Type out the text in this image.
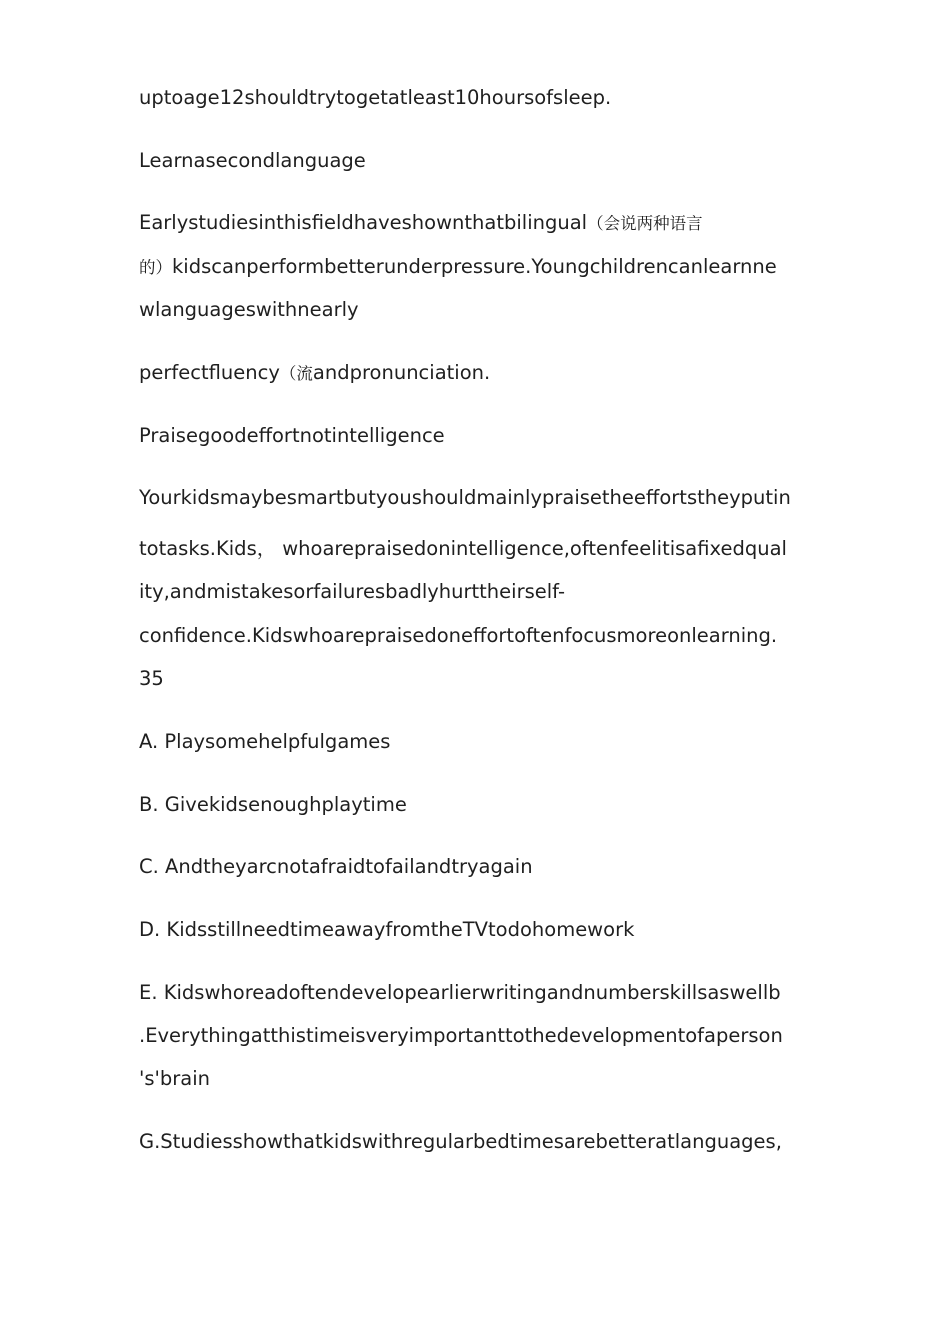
uptoage12shouldtrytogetatleast10hoursofsleep.
Learnasecondlanguage
Earlystudiesinthisfieldhaveshownthatbilingual（会说两种语言
的）kidscanperformbetterunderpressure.Youngchildrencanlearnne
wlanguageswithnearly
perfectfluency（流andpronunciation.
Praisegoodeffortnotintelligence
Yourkidsmaybesmartbutyoushouldmainlypraisetheeffortstheyputin
totasks.Kids， whoarepraisedonintelligence,oftenfeelitisafixedqual
ity,andmistakesorfailuresbadlyhurttheirself-
confidence.Kidswhoarepraisedoneffortoftenfocusmoreonlearning.
35
A. Playsomehelpfulgames
B. Givekidsenoughplaytime
C. Andtheyarcnotafraidtofailandtryagain
D. KidsstillneedtimeawayfromtheTVtodohomework
E. Kidswhoreadoftendevelopearlierwritingandnumberskillsaswellb
.Everythingatthistimeisveryimportanttothedevelopmentofaperson
's'brain
G.Studiesshowthatkidswithregularbedtimesarebetteratlanguages,
